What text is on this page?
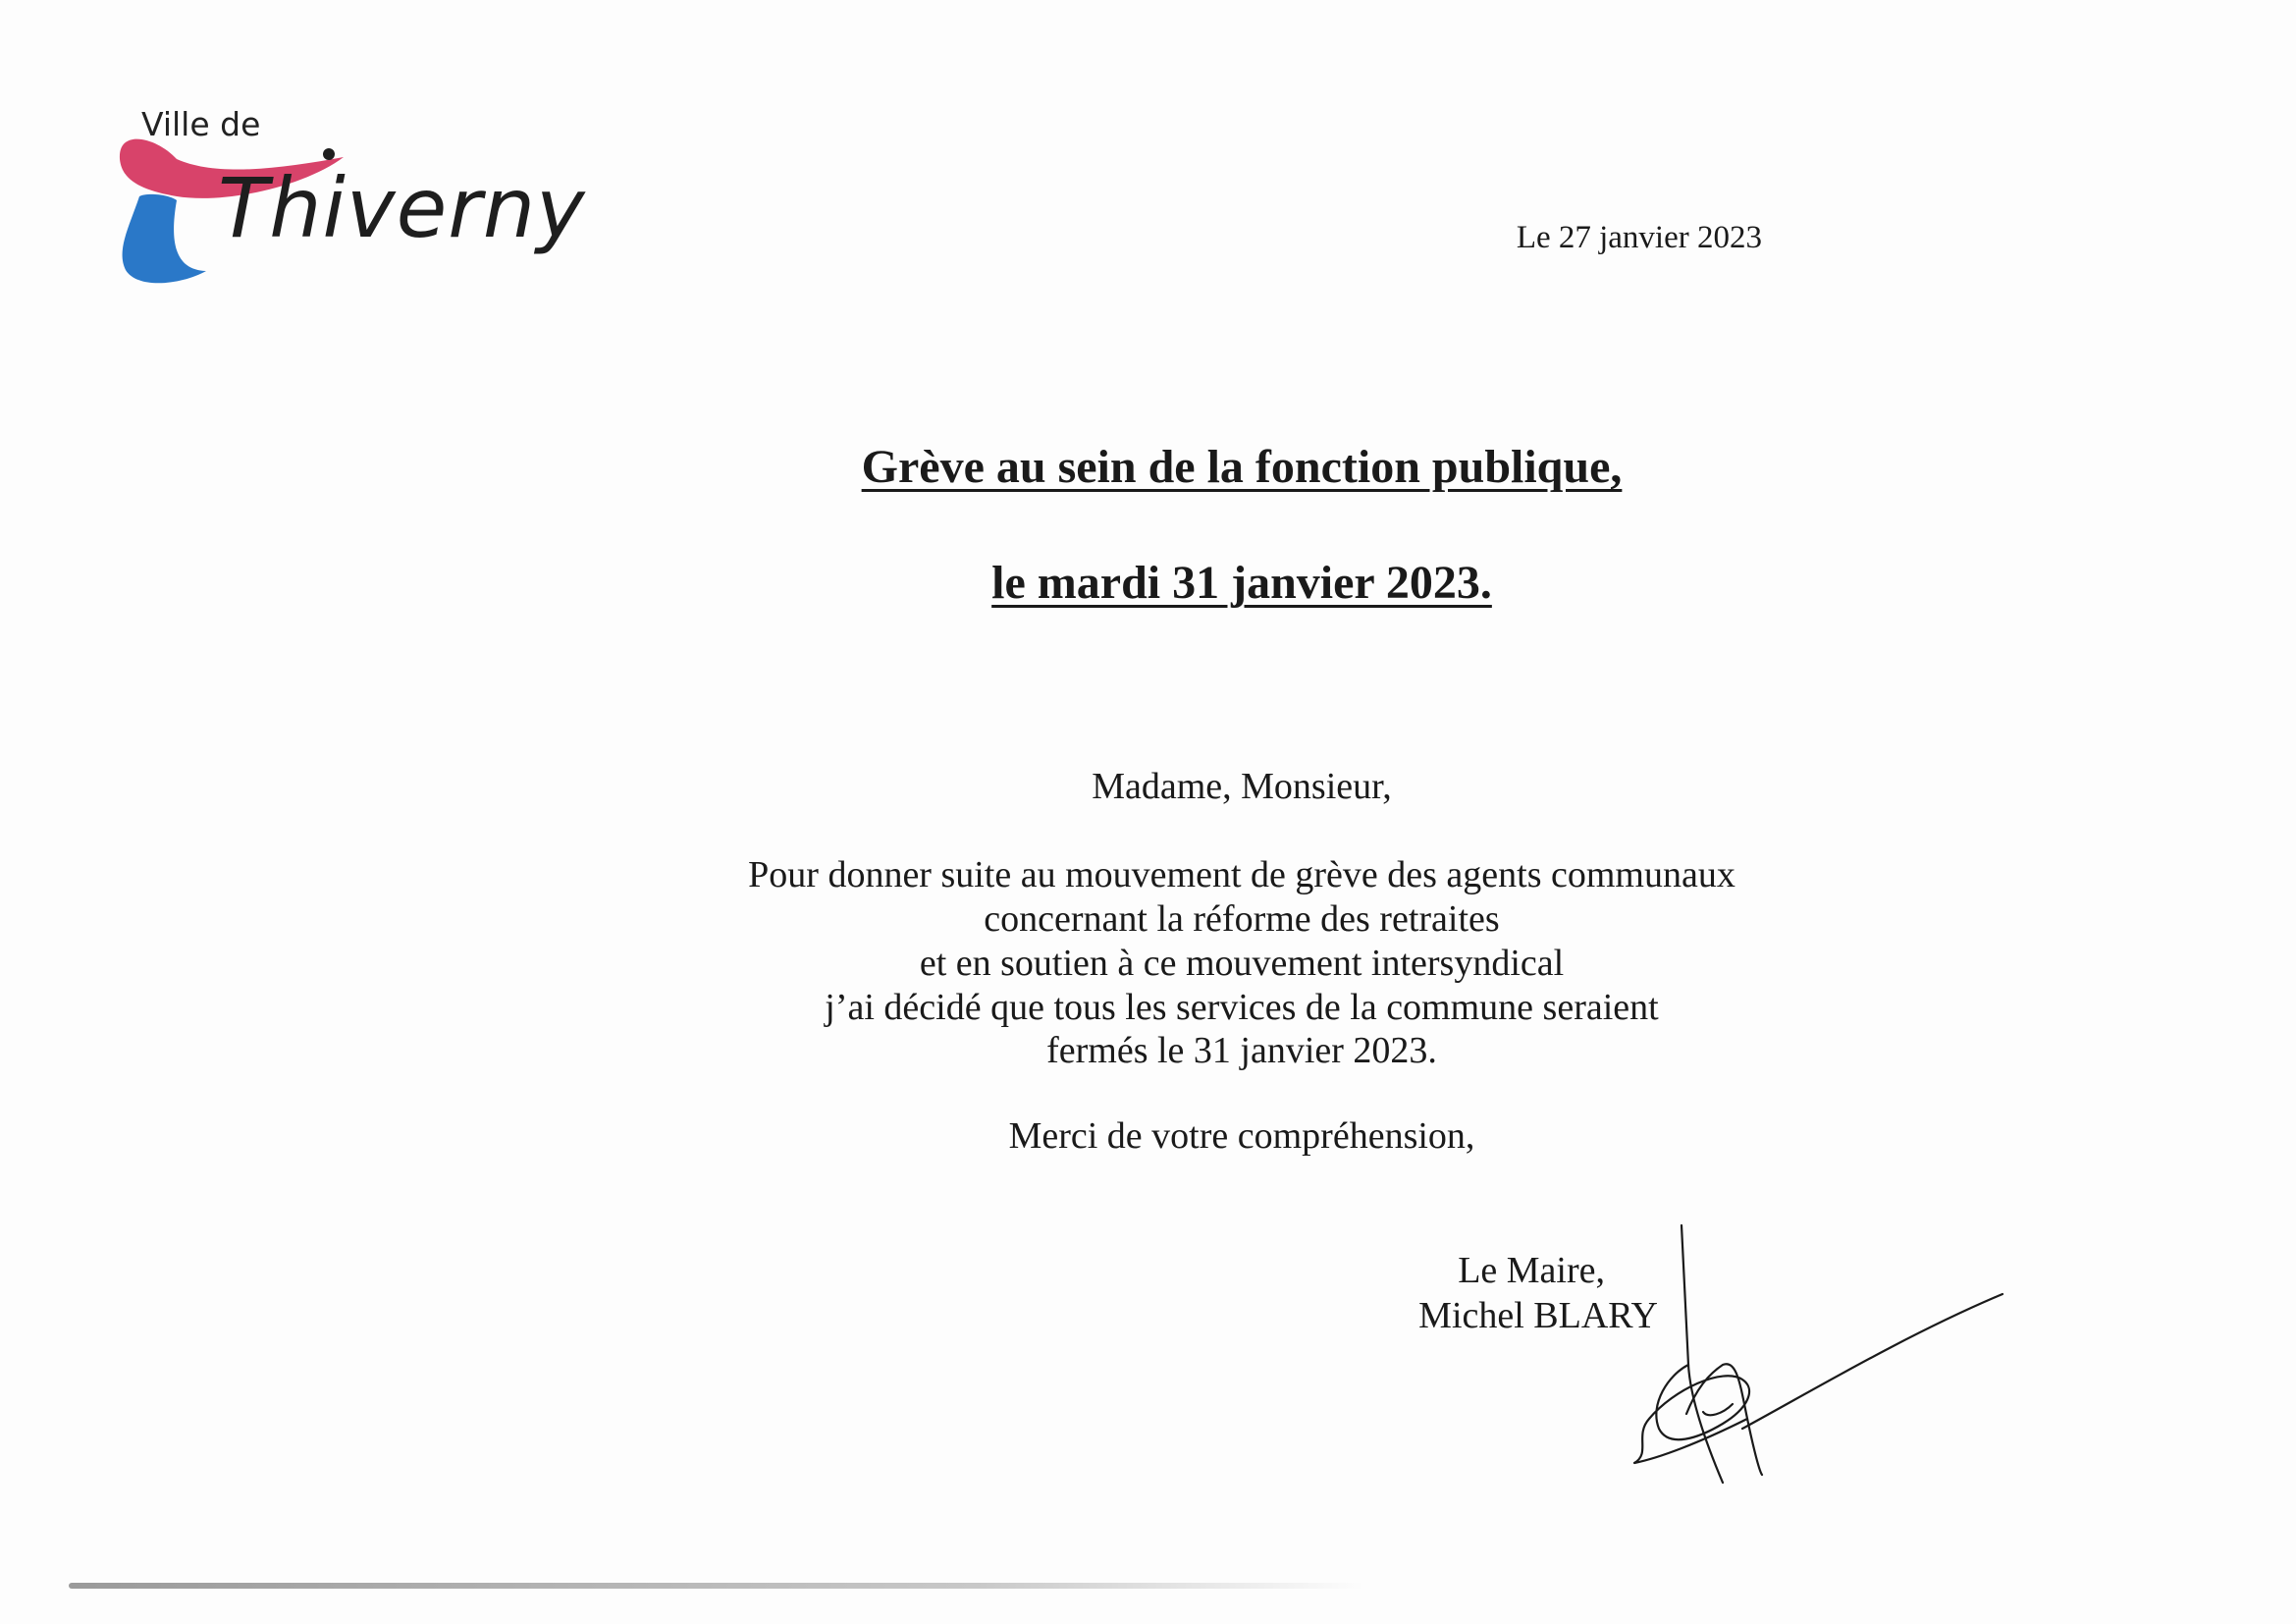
Ville de
Thiverny	Le 27 janvier 2023
Grève au sein de la fonction publique,
le mardi 31 janvier 2023.
Madame, Monsieur,
Pour donner suite au mouvement de grève des agents communaux
concernant la réforme des retraites
et en soutien à ce mouvement intersyndical
j’ai décidé que tous les services de la commune seraient
fermés le 31 janvier 2023.
Merci de votre compréhension,
Le Maire,
Michel BLARY
